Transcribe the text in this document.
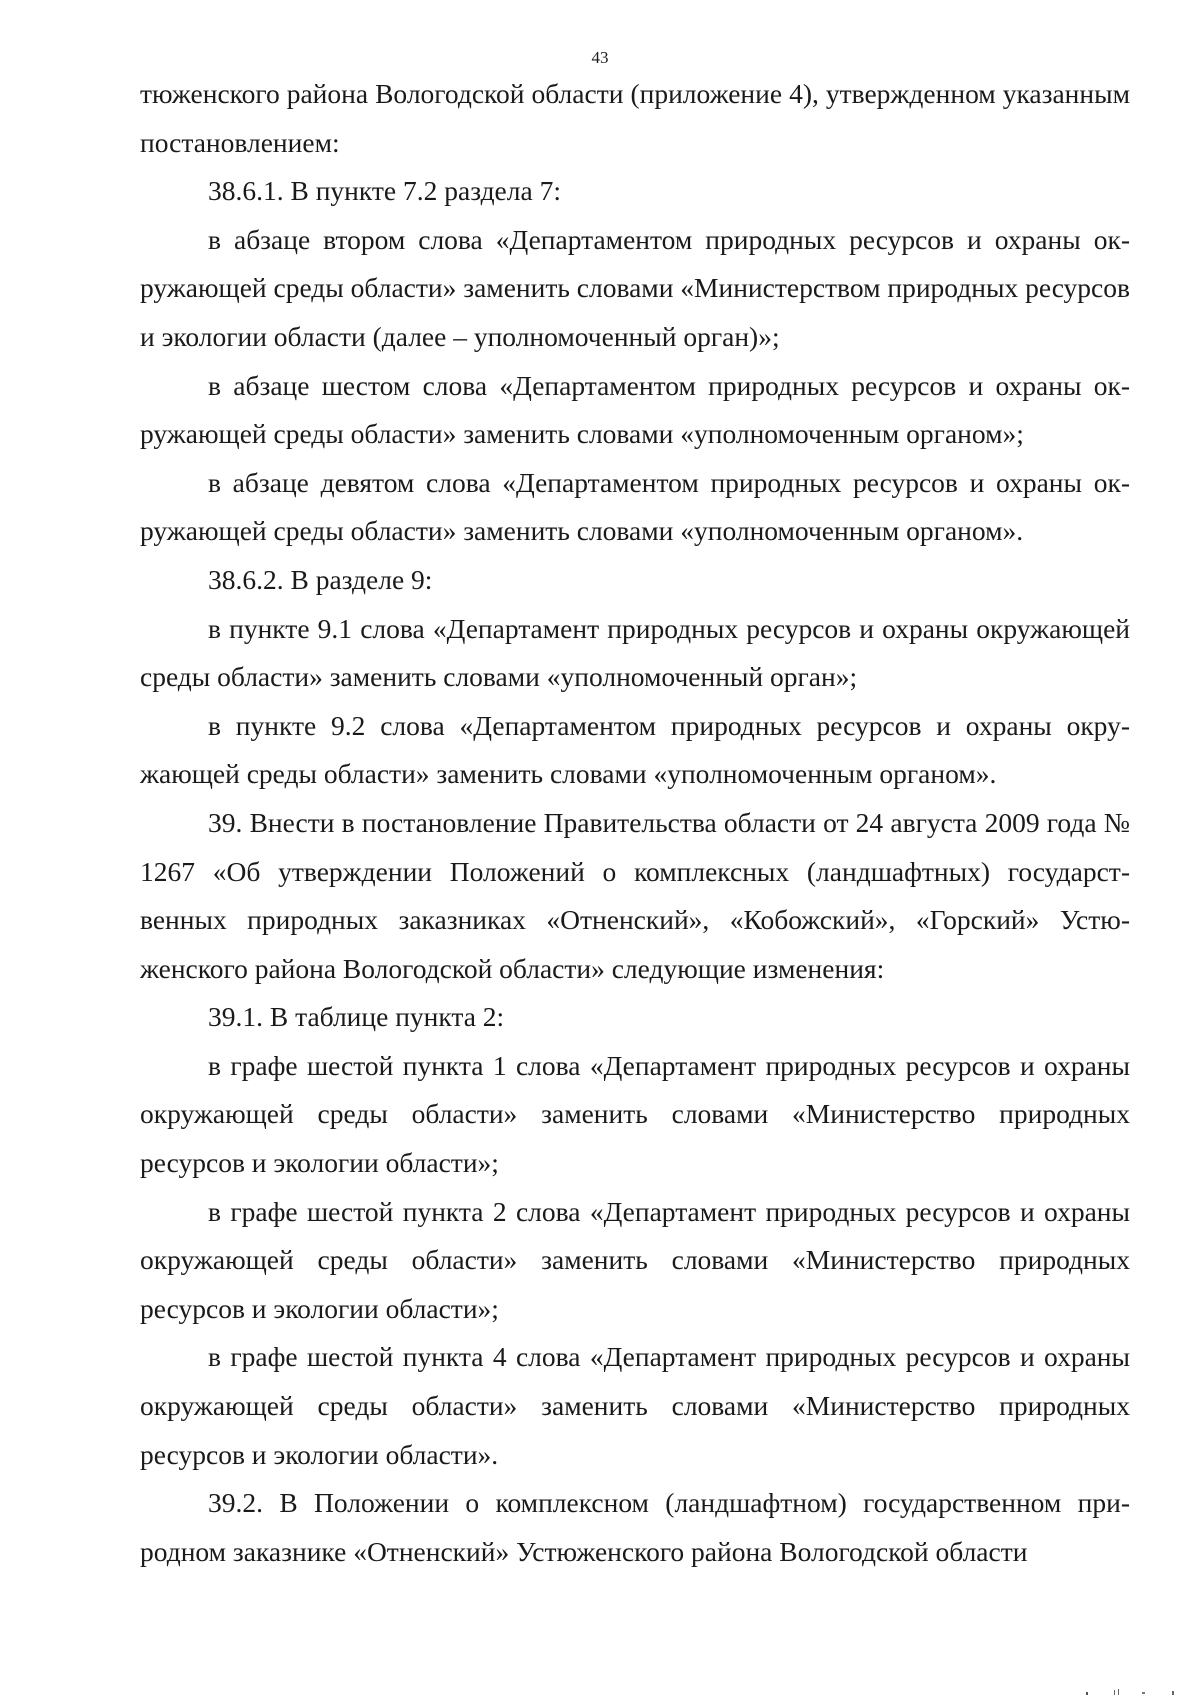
43

тюженского района Вологодской области (приложение 4), утвержденном указанным постановлением:

38.6.1. В пункте 7.2 раздела 7:

в абзаце втором слова «Департаментом природных ресурсов и охраны окружающей среды области» заменить словами «Министерством природных ресурсов и экологии области (далее – уполномоченный орган)»;

в абзаце шестом слова «Департаментом природных ресурсов и охраны окружающей среды области» заменить словами «уполномоченным органом»;

в абзаце девятом слова «Департаментом природных ресурсов и охраны окружающей среды области» заменить словами «уполномоченным органом».

38.6.2. В разделе 9:

в пункте 9.1 слова «Департамент природных ресурсов и охраны окружающей среды области» заменить словами «уполномоченный орган»;

в пункте 9.2 слова «Департаментом природных ресурсов и охраны окружающей среды области» заменить словами «уполномоченным органом».

39. Внести в постановление Правительства области от 24 августа 2009 года № 1267 «Об утверждении Положений о комплексных (ландшафтных) государственных природных заказниках «Отненский», «Кобожский», «Горский» Устюженского района Вологодской области» следующие изменения:

39.1. В таблице пункта 2:

в графе шестой пункта 1 слова «Департамент природных ресурсов и охраны окружающей среды области» заменить словами «Министерство природных ресурсов и экологии области»;

в графе шестой пункта 2 слова «Департамент природных ресурсов и охраны окружающей среды области» заменить словами «Министерство природных ресурсов и экологии области»;

в графе шестой пункта 4 слова «Департамент природных ресурсов и охраны окружающей среды области» заменить словами «Министерство природных ресурсов и экологии области».

39.2. В Положении о комплексном (ландшафтном) государственном природном заказнике «Отненский» Устюженского района Вологодской области
